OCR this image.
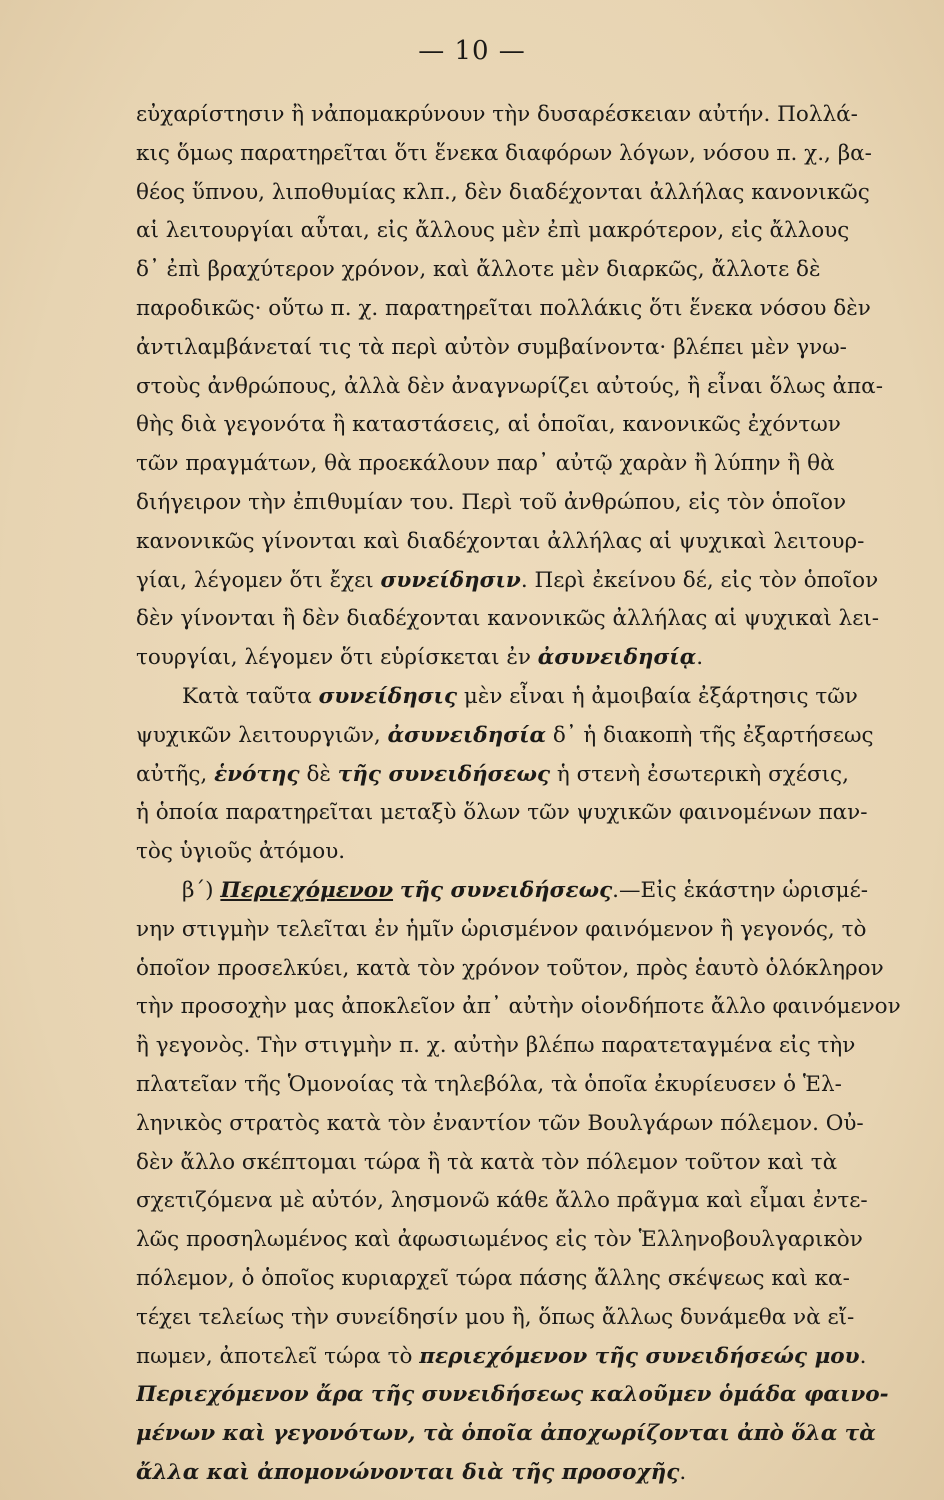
— 10 —
εὐχαρίστησιν ἢ νἀπομακρύνουν τὴν δυσαρέσκειαν αὐτήν. Πολλά-
κις ὅμως παρατηρεῖται ὅτι ἕνεκα διαφόρων λόγων, νόσου π. χ., βα-
θέος ὕπνου, λιποθυμίας κλπ., δὲν διαδέχονται ἀλλήλας κανονικῶς
αἱ λειτουργίαι αὗται, εἰς ἄλλους μὲν ἐπὶ μακρότερον, εἰς ἄλλους
δ᾿ ἐπὶ βραχύτερον χρόνον, καὶ ἄλλοτε μὲν διαρκῶς, ἄλλοτε δὲ
παροδικῶς· οὕτω π. χ. παρατηρεῖται πολλάκις ὅτι ἕνεκα νόσου δὲν
ἀντιλαμβάνεταί τις τὰ περὶ αὐτὸν συμβαίνοντα· βλέπει μὲν γνω-
στοὺς ἀνθρώπους, ἀλλὰ δὲν ἀναγνωρίζει αὐτούς, ἢ εἶναι ὅλως ἀπα-
θὴς διὰ γεγονότα ἢ καταστάσεις, αἱ ὁποῖαι, κανονικῶς ἐχόντων
τῶν πραγμάτων, θὰ προεκάλουν παρ᾿ αὐτῷ χαρὰν ἢ λύπην ἢ θὰ
διήγειρον τὴν ἐπιθυμίαν του. Περὶ τοῦ ἀνθρώπου, εἰς τὸν ὁποῖον
κανονικῶς γίνονται καὶ διαδέχονται ἀλλήλας αἱ ψυχικαὶ λειτουρ-
γίαι, λέγομεν ὅτι ἔχει συνείδησιν. Περὶ ἐκείνου δέ, εἰς τὸν ὁποῖον
δὲν γίνονται ἢ δὲν διαδέχονται κανονικῶς ἀλλήλας αἱ ψυχικαὶ λει-
τουργίαι, λέγομεν ὅτι εὑρίσκεται ἐν ἀσυνειδησίᾳ.
Κατὰ ταῦτα συνείδησις μὲν εἶναι ἡ ἀμοιβαία ἐξάρτησις τῶν
ψυχικῶν λειτουργιῶν, ἀσυνειδησία δ᾿ ἡ διακοπὴ τῆς ἐξαρτήσεως
αὐτῆς, ἑνότης δὲ τῆς συνειδήσεως ἡ στενὴ ἐσωτερικὴ σχέσις,
ἡ ὁποία παρατηρεῖται μεταξὺ ὅλων τῶν ψυχικῶν φαινομένων παν-
τὸς ὑγιοῦς ἀτόμου.
β΄) Περιεχόμενον τῆς συνειδήσεως.—Εἰς ἑκάστην ὡρισμέ-
νην στιγμὴν τελεῖται ἐν ἡμῖν ὡρισμένον φαινόμενον ἢ γεγονός, τὸ
ὁποῖον προσελκύει, κατὰ τὸν χρόνον τοῦτον, πρὸς ἑαυτὸ ὁλόκληρον
τὴν προσοχὴν μας ἀποκλεῖον ἀπ᾿ αὐτὴν οἱονδήποτε ἄλλο φαινόμενον
ἢ γεγονὸς. Τὴν στιγμὴν π. χ. αὐτὴν βλέπω παρατεταγμένα εἰς τὴν
πλατεῖαν τῆς Ὁμονοίας τὰ τηλεβόλα, τὰ ὁποῖα ἐκυρίευσεν ὁ Ἑλ-
ληνικὸς στρατὸς κατὰ τὸν ἐναντίον τῶν Βουλγάρων πόλεμον. Οὐ-
δὲν ἄλλο σκέπτομαι τώρα ἢ τὰ κατὰ τὸν πόλεμον τοῦτον καὶ τὰ
σχετιζόμενα μὲ αὐτόν, λησμονῶ κάθε ἄλλο πρᾶγμα καὶ εἶμαι ἐντε-
λῶς προσηλωμένος καὶ ἀφωσιωμένος εἰς τὸν Ἑλληνοβουλγαρικὸν
πόλεμον, ὁ ὁποῖος κυριαρχεῖ τώρα πάσης ἄλλης σκέψεως καὶ κα-
τέχει τελείως τὴν συνείδησίν μου ἢ, ὅπως ἄλλως δυνάμεθα νὰ εἴ-
πωμεν, ἀποτελεῖ τώρα τὸ περιεχόμενον τῆς συνειδήσεώς μου.
Περιεχόμενον ἄρα τῆς συνειδήσεως καλοῦμεν ὁμάδα φαινο-
μένων καὶ γεγονότων, τὰ ὁποῖα ἀποχωρίζονται ἀπὸ ὅλα τὰ
ἄλλα καὶ ἀπομονώνονται διὰ τῆς προσοχῆς.
